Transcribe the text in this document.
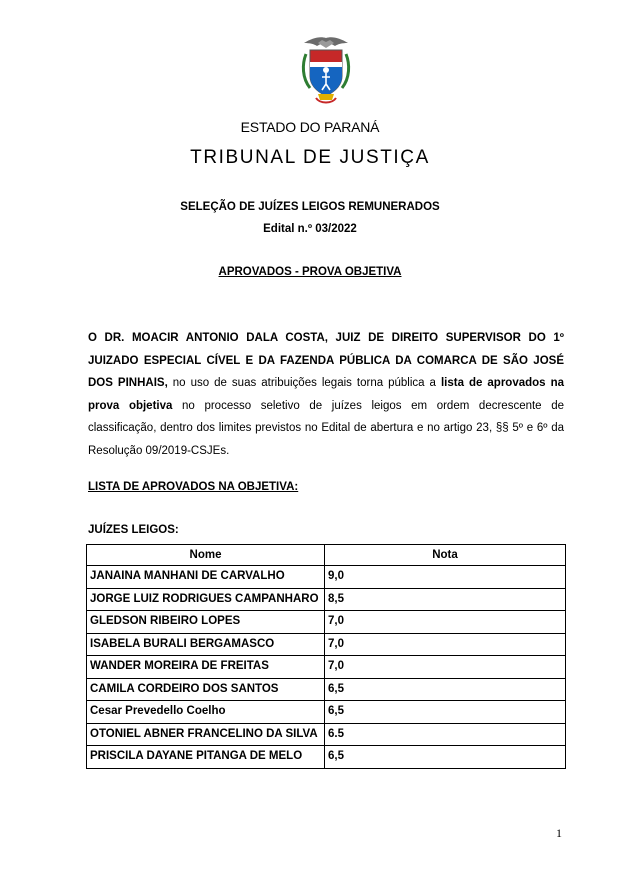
ESTADO DO PARANÁ
TRIBUNAL DE JUSTIÇA
SELEÇÃO DE JUÍZES LEIGOS REMUNERADOS
Edital n.º 03/2022
APROVADOS - PROVA OBJETIVA
O DR. MOACIR ANTONIO DALA COSTA, JUIZ DE DIREITO SUPERVISOR DO 1º JUIZADO ESPECIAL CÍVEL E DA FAZENDA PÚBLICA DA COMARCA DE SÃO JOSÉ DOS PINHAIS, no uso de suas atribuições legais torna pública a lista de aprovados na prova objetiva no processo seletivo de juízes leigos em ordem decrescente de classificação, dentro dos limites previstos no Edital de abertura e no artigo 23, §§ 5º e 6º da Resolução 09/2019-CSJEs.
LISTA DE APROVADOS NA OBJETIVA:
JUÍZES LEIGOS:
Nome	Nota
JANAINA MANHANI DE CARVALHO	9,0
JORGE LUIZ RODRIGUES CAMPANHARO	8,5
GLEDSON RIBEIRO LOPES	7,0
ISABELA BURALI BERGAMASCO	7,0
WANDER MOREIRA DE FREITAS	7,0
CAMILA CORDEIRO DOS SANTOS	6,5
Cesar Prevedello Coelho	6,5
OTONIEL ABNER FRANCELINO DA SILVA	6.5
PRISCILA DAYANE PITANGA DE MELO	6,5
1
